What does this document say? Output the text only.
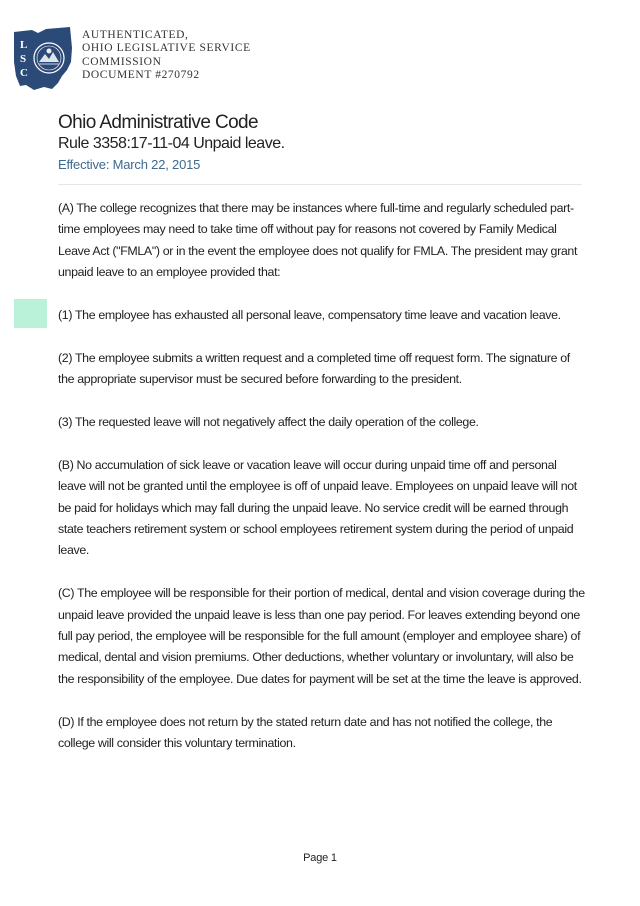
L
S
C
AUTHENTICATED,
OHIO LEGISLATIVE SERVICE
COMMISSION
DOCUMENT #270792
Ohio Administrative Code
Rule 3358:17-11-04 Unpaid leave.
Effective: March 22, 2015

(A) The college recognizes that there may be instances where full-time and regularly scheduled part-time employees may need to take time off without pay for reasons not covered by Family Medical Leave Act ("FMLA") or in the event the employee does not qualify for FMLA. The president may grant unpaid leave to an employee provided that:

(1) The employee has exhausted all personal leave, compensatory time leave and vacation leave.

(2) The employee submits a written request and a completed time off request form. The signature of the appropriate supervisor must be secured before forwarding to the president.

(3) The requested leave will not negatively affect the daily operation of the college.

(B) No accumulation of sick leave or vacation leave will occur during unpaid time off and personal leave will not be granted until the employee is off of unpaid leave. Employees on unpaid leave will not be paid for holidays which may fall during the unpaid leave. No service credit will be earned through state teachers retirement system or school employees retirement system during the period of unpaid leave.

(C) The employee will be responsible for their portion of medical, dental and vision coverage during the unpaid leave provided the unpaid leave is less than one pay period. For leaves extending beyond one full pay period, the employee will be responsible for the full amount (employer and employee share) of medical, dental and vision premiums. Other deductions, whether voluntary or involuntary, will also be the responsibility of the employee. Due dates for payment will be set at the time the leave is approved.

(D) If the employee does not return by the stated return date and has not notified the college, the college will consider this voluntary termination.

Page 1
